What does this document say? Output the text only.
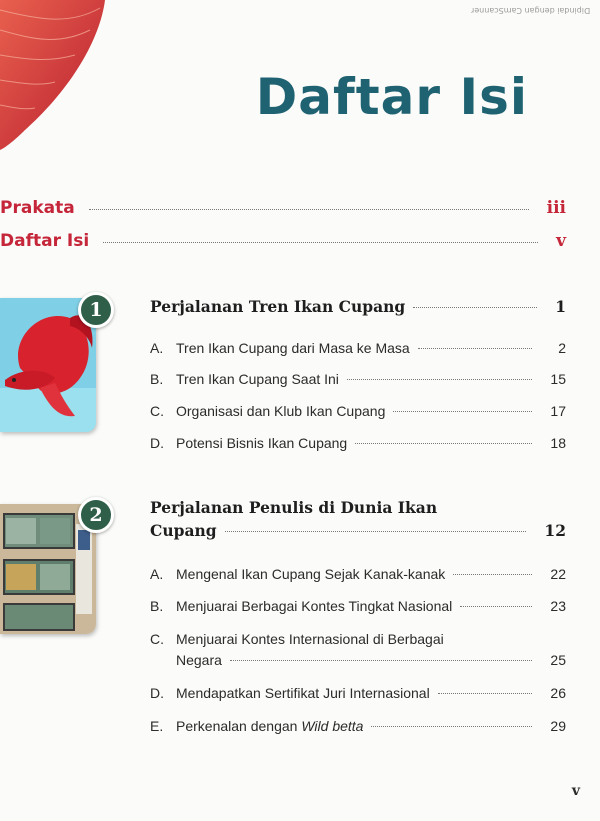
Dipindai dengan CamScanner
Daftar Isi
Prakata	iii
Daftar Isi	v
1	Perjalanan Tren Ikan Cupang	1
A. Tren Ikan Cupang dari Masa ke Masa	2
B. Tren Ikan Cupang Saat Ini	15
C. Organisasi dan Klub Ikan Cupang	17
D. Potensi Bisnis Ikan Cupang	18
2	Perjalanan Penulis di Dunia Ikan
Cupang	12
A. Mengenal Ikan Cupang Sejak Kanak-kanak	22
B. Menjuarai Berbagai Kontes Tingkat Nasional	23
C. Menjuarai Kontes Internasional di Berbagai
Negara	25
D. Mendapatkan Sertifikat Juri Internasional	26
E. Perkenalan dengan Wild betta	29
v
